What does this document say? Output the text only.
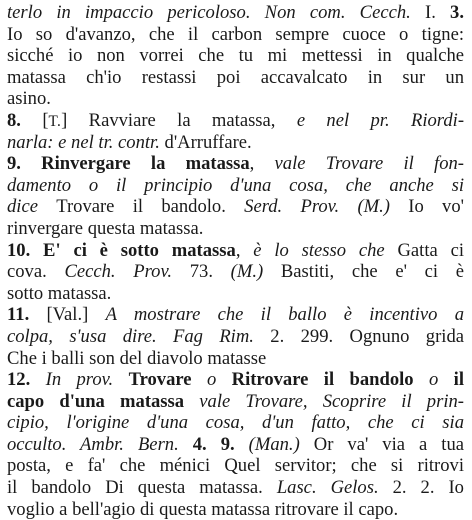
terlo in impaccio pericoloso. Non com. Cecch. I. 3.
Io so d'avanzo, che il carbon sempre cuoce o tigne:
sicché io non vorrei che tu mi mettessi in qualche
matassa ch'io restassi poi accavalcato in sur un
asino.
8. [T.] Ravviare la matassa, e nel pr. Riordi-
narla: e nel tr. contr. d'Arruffare.
9. Rinvergare la matassa, vale Trovare il fon-
damento o il principio d'una cosa, che anche si
dice Trovare il bandolo. Serd. Prov. (M.) Io vo'
rinvergare questa matassa.
10. E' ci è sotto matassa, è lo stesso che Gatta ci
cova. Cecch. Prov. 73. (M.) Bastiti, che e' ci è
sotto matassa.
11. [Val.] A mostrare che il ballo è incentivo a
colpa, s'usa dire. Fag Rim. 2. 299. Ognuno grida
Che i balli son del diavolo matasse
12. In prov. Trovare o Ritrovare il bandolo o il
capo d'una matassa vale Trovare, Scoprire il prin-
cipio, l'origine d'una cosa, d'un fatto, che ci sia
occulto. Ambr. Bern. 4. 9. (Man.) Or va' via a tua
posta, e fa' che ménici Quel servitor; che si ritrovi
il bandolo Di questa matassa. Lasc. Gelos. 2. 2. Io
voglio a bell'agio di questa matassa ritrovare il capo.
